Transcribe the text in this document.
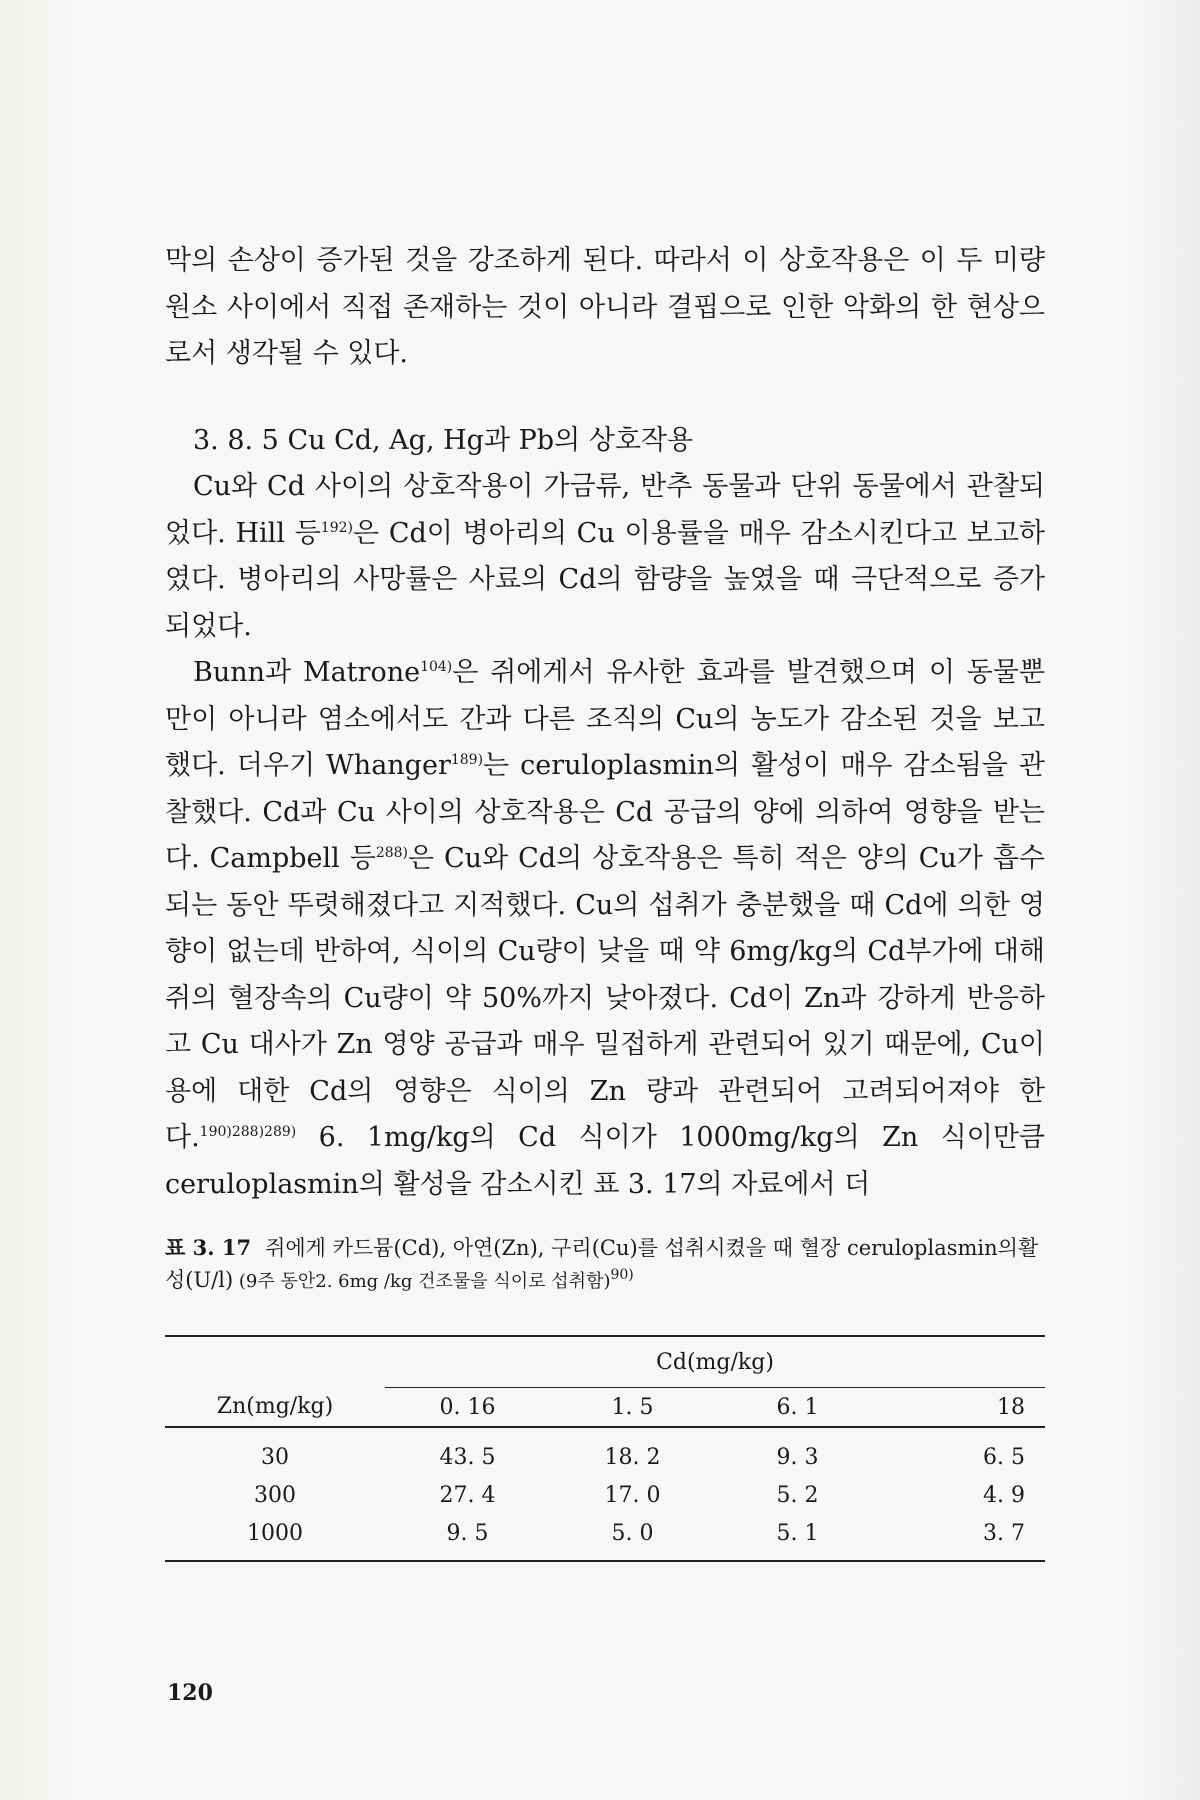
막의 손상이 증가된 것을 강조하게 된다. 따라서 이 상호작용은 이 두 미량원소 사이에서 직접 존재하는 것이 아니라 결핍으로 인한 악화의 한 현상으로서 생각될 수 있다.

3. 8. 5 Cu Cd, Ag, Hg과 Pb의 상호작용

Cu와 Cd 사이의 상호작용이 가금류, 반추 동물과 단위 동물에서 관찰되었다. Hill 등$^{192)}$은 Cd이 병아리의 Cu 이용률을 매우 감소시킨다고 보고하였다. 병아리의 사망률은 사료의 Cd의 함량을 높였을 때 극단적으로 증가되었다.

Bunn과 Matrone$^{104)}$은 쥐에게서 유사한 효과를 발견했으며 이 동물뿐만이 아니라 염소에서도 간과 다른 조직의 Cu의 농도가 감소된 것을 보고했다. 더우기 Whanger$^{189)}$는 ceruloplasmin의 활성이 매우 감소됨을 관찰했다. Cd과 Cu 사이의 상호작용은 Cd 공급의 양에 의하여 영향을 받는다. Campbell 등$^{288)}$은 Cu와 Cd의 상호작용은 특히 적은 양의 Cu가 흡수되는 동안 뚜렷해졌다고 지적했다. Cu의 섭취가 충분했을 때 Cd에 의한 영향이 없는데 반하여, 식이의 Cu량이 낮을 때 약 6mg/kg의 Cd부가에 대해 쥐의 혈장속의 Cu량이 약 50%까지 낮아졌다. Cd이 Zn과 강하게 반응하고 Cu 대사가 Zn 영양 공급과 매우 밀접하게 관련되어 있기 때문에, Cu이용에 대한 Cd의 영향은 식이의 Zn 량과 관련되어 고려되어져야 한다.$^{190)288)289)}$ 6. 1mg/kg의 Cd 식이가 1000mg/kg의 Zn 식이만큼 ceruloplasmin의 활성을 감소시킨 표 3. 17의 자료에서 더

표 3. 17 쥐에게 카드뮴(Cd), 아연(Zn), 구리(Cu)를 섭취시켰을 때 혈장 ceruloplasmin의활성(U/l) (9주 동안2. 6mg /kg 건조물을 식이로 섭취함)$^{90)}$
	Cd(mg/kg)			
Zn(mg/kg)	0. 16	1. 5	6. 1	18
30	43. 5	18. 2	9. 3	6. 5
300	27. 4	17. 0	5. 2	4. 9
1000	9. 5	5. 0	5. 1	3. 7
120
